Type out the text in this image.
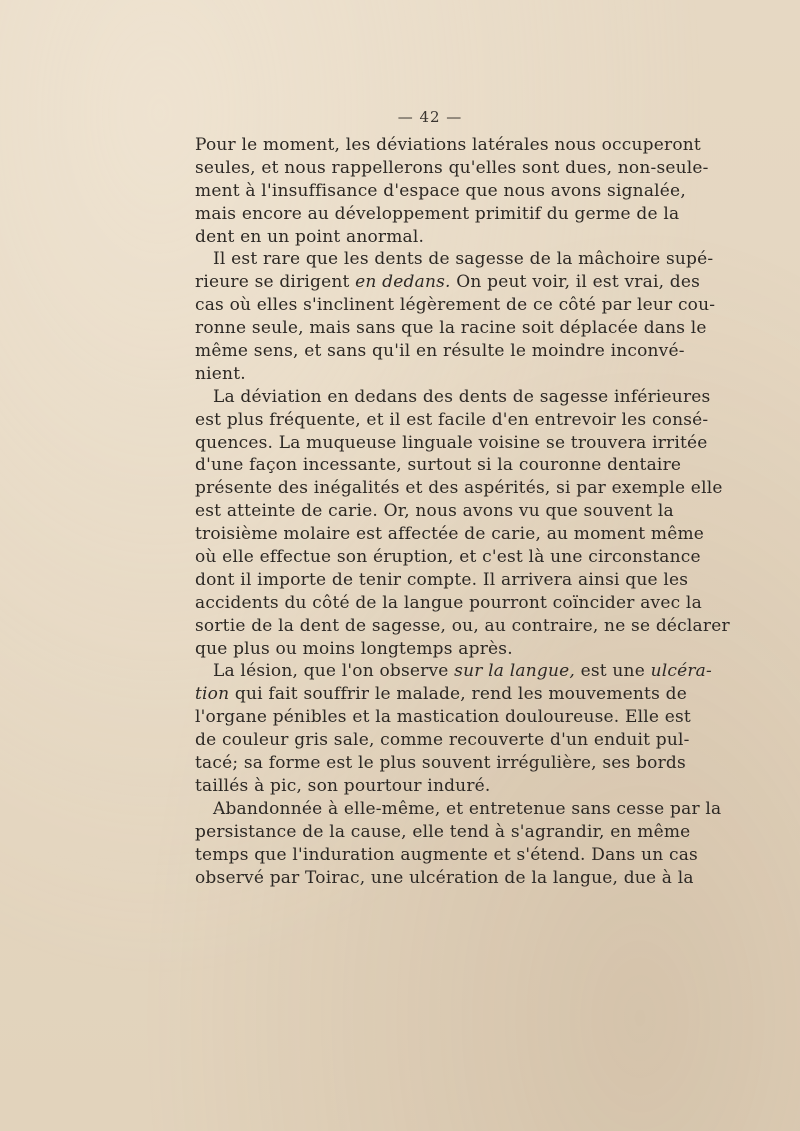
— 42 —
Pour le moment, les déviations latérales nous occuperont
seules, et nous rappellerons qu'elles sont dues, non-seule-
ment à l'insuffisance d'espace que nous avons signalée,
mais encore au développement primitif du germe de la
dent en un point anormal.
Il est rare que les dents de sagesse de la mâchoire supé-
rieure se dirigent en dedans. On peut voir, il est vrai, des
cas où elles s'inclinent légèrement de ce côté par leur cou-
ronne seule, mais sans que la racine soit déplacée dans le
même sens, et sans qu'il en résulte le moindre inconvé-
nient.
La déviation en dedans des dents de sagesse inférieures
est plus fréquente, et il est facile d'en entrevoir les consé-
quences. La muqueuse linguale voisine se trouvera irritée
d'une façon incessante, surtout si la couronne dentaire
présente des inégalités et des aspérités, si par exemple elle
est atteinte de carie. Or, nous avons vu que souvent la
troisième molaire est affectée de carie, au moment même
où elle effectue son éruption, et c'est là une circonstance
dont il importe de tenir compte. Il arrivera ainsi que les
accidents du côté de la langue pourront coïncider avec la
sortie de la dent de sagesse, ou, au contraire, ne se déclarer
que plus ou moins longtemps après.
La lésion, que l'on observe sur la langue, est une ulcéra-
tion qui fait souffrir le malade, rend les mouvements de
l'organe pénibles et la mastication douloureuse. Elle est
de couleur gris sale, comme recouverte d'un enduit pul-
tacé; sa forme est le plus souvent irrégulière, ses bords
taillés à pic, son pourtour induré.
Abandonnée à elle-même, et entretenue sans cesse par la
persistance de la cause, elle tend à s'agrandir, en même
temps que l'induration augmente et s'étend. Dans un cas
observé par Toirac, une ulcération de la langue, due à la
